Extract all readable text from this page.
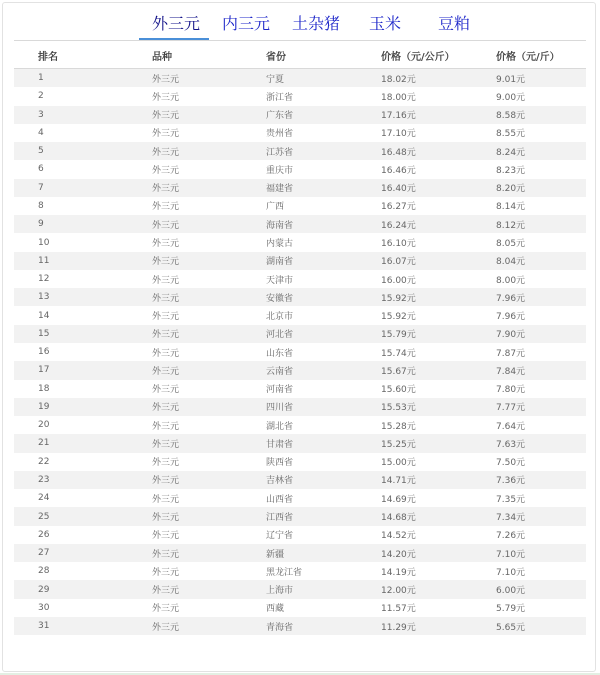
外三元 内三元 土杂猪 玉米 豆粕
排名	品种	省份	价格（元/公斤）	价格（元/斤）
1	外三元	宁夏	18.02元	9.01元
2	外三元	浙江省	18.00元	9.00元
3	外三元	广东省	17.16元	8.58元
4	外三元	贵州省	17.10元	8.55元
5	外三元	江苏省	16.48元	8.24元
6	外三元	重庆市	16.46元	8.23元
7	外三元	福建省	16.40元	8.20元
8	外三元	广西	16.27元	8.14元
9	外三元	海南省	16.24元	8.12元
10	外三元	内蒙古	16.10元	8.05元
11	外三元	湖南省	16.07元	8.04元
12	外三元	天津市	16.00元	8.00元
13	外三元	安徽省	15.92元	7.96元
14	外三元	北京市	15.92元	7.96元
15	外三元	河北省	15.79元	7.90元
16	外三元	山东省	15.74元	7.87元
17	外三元	云南省	15.67元	7.84元
18	外三元	河南省	15.60元	7.80元
19	外三元	四川省	15.53元	7.77元
20	外三元	湖北省	15.28元	7.64元
21	外三元	甘肃省	15.25元	7.63元
22	外三元	陕西省	15.00元	7.50元
23	外三元	吉林省	14.71元	7.36元
24	外三元	山西省	14.69元	7.35元
25	外三元	江西省	14.68元	7.34元
26	外三元	辽宁省	14.52元	7.26元
27	外三元	新疆	14.20元	7.10元
28	外三元	黑龙江省	14.19元	7.10元
29	外三元	上海市	12.00元	6.00元
30	外三元	西藏	11.57元	5.79元
31	外三元	青海省	11.29元	5.65元
